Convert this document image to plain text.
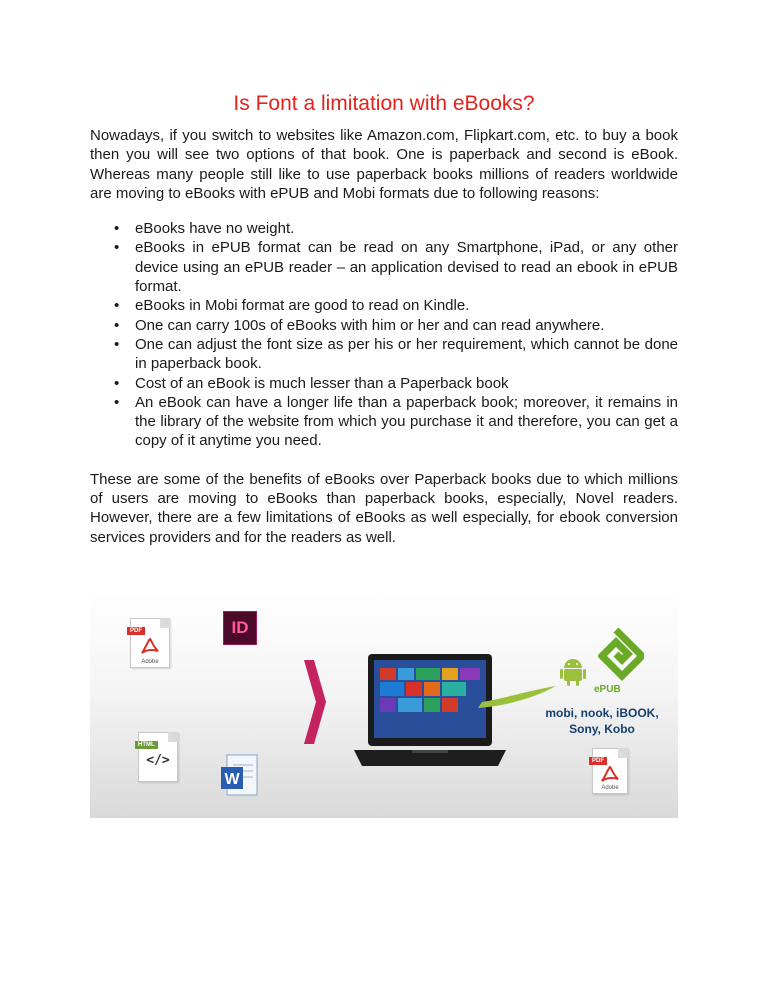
Is Font a limitation with eBooks?

Nowadays, if you switch to websites like Amazon.com, Flipkart.com, etc. to buy a book then you will see two options of that book. One is paperback and second is eBook. Whereas many people still like to use paperback books millions of readers worldwide are moving to eBooks with ePUB and Mobi formats due to following reasons:

• eBooks have no weight.
• eBooks in ePUB format can be read on any Smartphone, iPad, or any other device using an ePUB reader – an application devised to read an ebook in ePUB format.
• eBooks in Mobi format are good to read on Kindle.
• One can carry 100s of eBooks with him or her and can read anywhere.
• One can adjust the font size as per his or her requirement, which cannot be done in paperback book.
• Cost of an eBook is much lesser than a Paperback book
• An eBook can have a longer life than a paperback book; moreover, it remains in the library of the website from which you purchase it and therefore, you can get a copy of it anytime you need.

These are some of the benefits of eBooks over Paperback books due to which millions of users are moving to eBooks than paperback books, especially, Novel readers. However, there are a few limitations of eBooks as well especially, for ebook conversion services providers and for the readers as well.

PDF
Adobe
ID
HTML
</>
W
ePUB
mobi, nook, iBOOK,
Sony, Kobo
PDF
Adobe
